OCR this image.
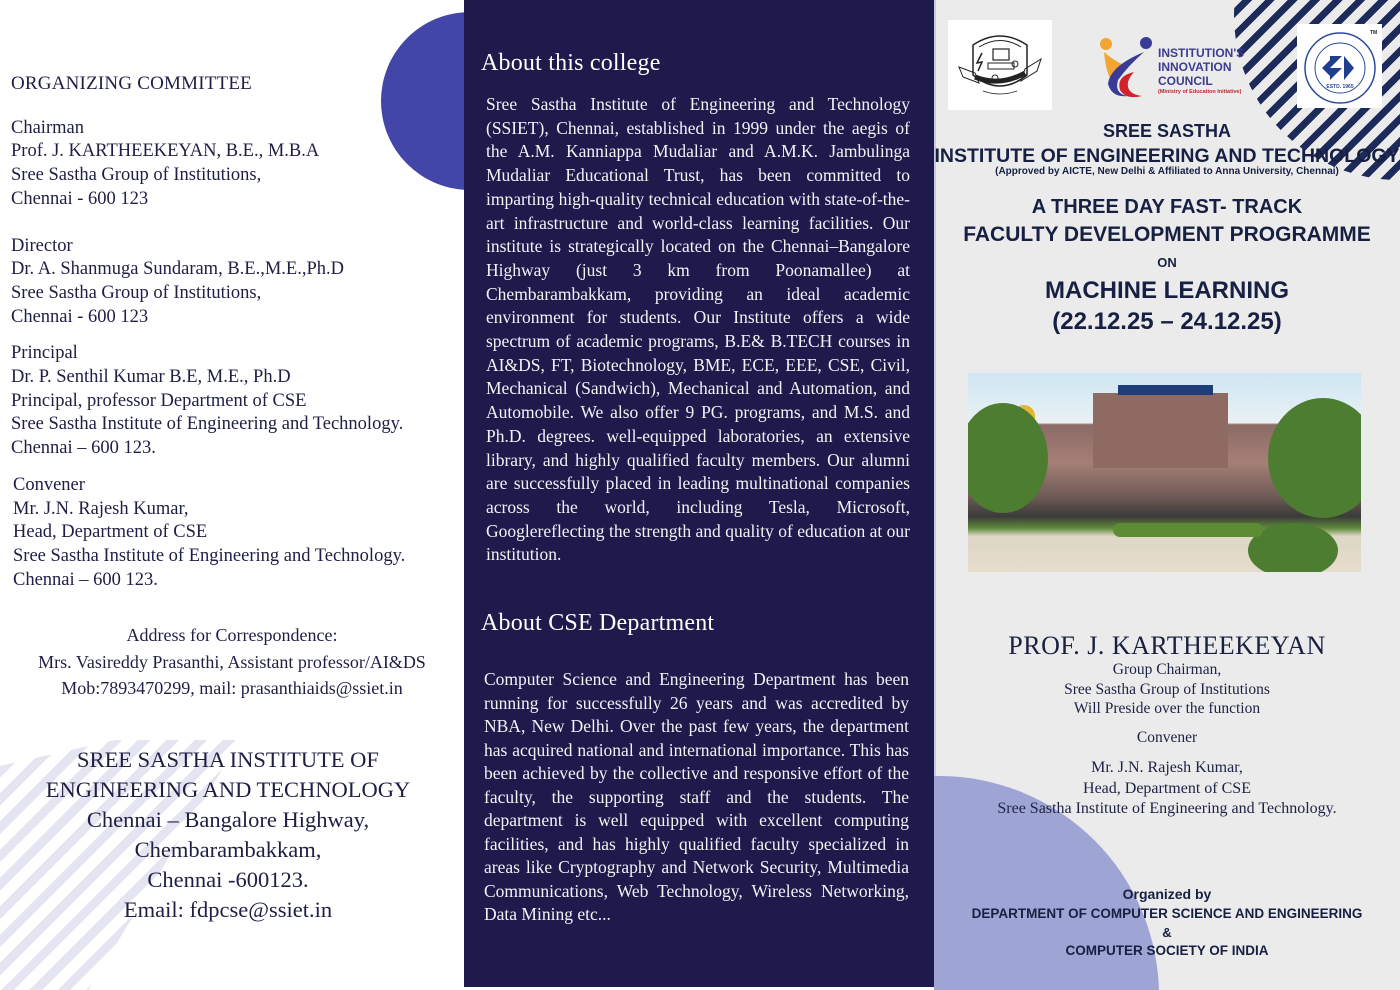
ORGANIZING COMMITTEE
Chairman
Prof. J. KARTHEEKEYAN, B.E., M.B.A
Sree Sastha Group of Institutions,
Chennai - 600 123
Director
Dr. A. Shanmuga Sundaram, B.E.,M.E.,Ph.D
Sree Sastha Group of Institutions,
Chennai - 600 123
Principal
Dr. P. Senthil Kumar B.E, M.E., Ph.D
Principal, professor Department of CSE
Sree Sastha Institute of Engineering and Technology.
Chennai – 600 123.
Convener
Mr. J.N. Rajesh Kumar,
Head, Department of CSE
Sree Sastha Institute of Engineering and Technology.
Chennai – 600 123.
Address for Correspondence:
Mrs. Vasireddy Prasanthi, Assistant professor/AI&DS
Mob:7893470299, mail: prasanthiaids@ssiet.in
SREE SASTHA INSTITUTE OF
ENGINEERING AND TECHNOLOGY
Chennai – Bangalore Highway,
Chembarambakkam,
Chennai -600123.
Email: fdpcse@ssiet.in
About this college

Sree Sastha Institute of Engineering and Technology (SSIET), Chennai, established in 1999 under the aegis of the A.M. Kanniappa Mudaliar and A.M.K. Jambulinga Mudaliar Educational Trust, has been committed to imparting high-quality technical education with state-of-the-art infrastructure and world-class learning facilities. Our institute is strategically located on the Chennai–Bangalore Highway (just 3 km from Poonamallee) at Chembarambakkam, providing an ideal academic environment for students. Our Institute offers a wide spectrum of academic programs, B.E& B.TECH courses in AI&DS, FT, Biotechnology, BME, ECE, EEE, CSE, Civil, Mechanical (Sandwich), Mechanical and Automation, and Automobile. We also offer 9 PG. programs, and M.S. and Ph.D. degrees. well-equipped laboratories, an extensive library, and highly qualified faculty members. Our alumni are successfully placed in leading multinational companies across the world, including Tesla, Microsoft, Googlereflecting the strength and quality of education at our institution.

About CSE Department

Computer Science and Engineering Department has been running for successfully 26 years and was accredited by NBA, New Delhi. Over the past few years, the department has acquired national and international importance. This has been achieved by the collective and responsive effort of the faculty, the supporting staff and the students. The department is well equipped with excellent computing facilities, and has highly qualified faculty specialized in areas like Cryptography and Network Security, Multimedia Communications, Web Technology, Wireless Networking, Data Mining etc...

INSTITUTION'S
INNOVATION
COUNCIL
(Ministry of Education Initiative)
ESTD. 1965
TM
SREE SASTHA
INSTITUTE OF ENGINEERING AND TECHNOLOGY
(Approved by AICTE, New Delhi & Affiliated to Anna University, Chennai)
A THREE DAY FAST- TRACK
FACULTY DEVELOPMENT PROGRAMME
ON
MACHINE LEARNING
(22.12.25 – 24.12.25)
PROF. J. KARTHEEKEYAN
Group Chairman,
Sree Sastha Group of Institutions
Will Preside over the function
Convener
Mr. J.N. Rajesh Kumar,
Head, Department of CSE
Sree Sastha Institute of Engineering and Technology.
Organized by
DEPARTMENT OF COMPUTER SCIENCE AND ENGINEERING
&
COMPUTER SOCIETY OF INDIA
